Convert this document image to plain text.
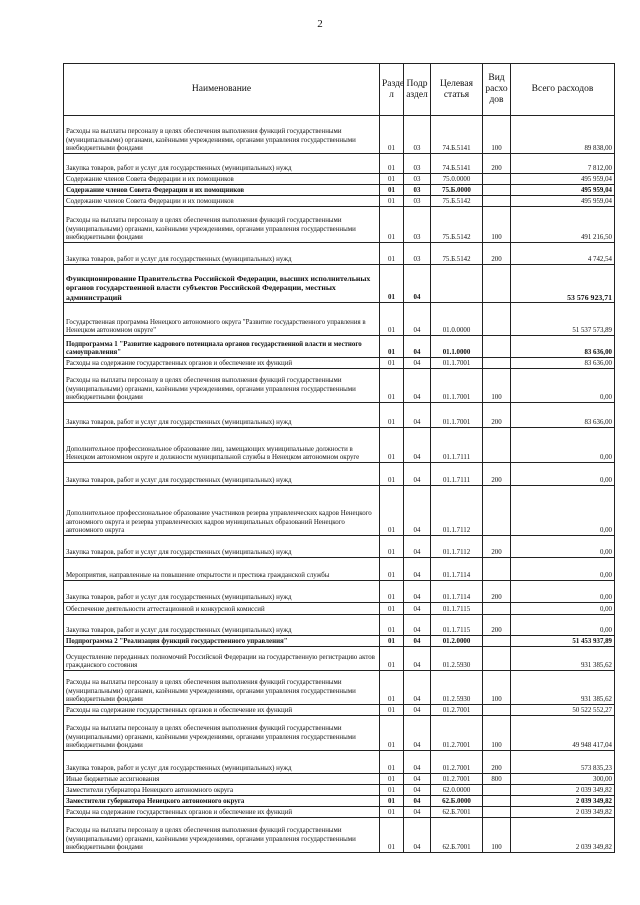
2
Наименование	Разде л	Подр аздел	Целевая статья	Вид расхо дов	Всего расходов
Расходы на выплаты персоналу в целях обеспечения выполнения функций государственными (муниципальными) органами, казёнными учреждениями, органами управления государственными внебюджетными фондами	01	03	74.Б.5141	100	89 838,00
Закупка товаров, работ и услуг для государственных (муниципальных) нужд	01	03	74.Б.5141	200	7 812,00
Содержание членов Совета Федерации и их помощников	01	03	75.0.0000		495 959,04
Содержание членов Совета Федерации и их помощников	01	03	75.Б.0000		495 959,04
Содержание членов Совета Федерации и их помощников	01	03	75.Б.5142		495 959,04
Расходы на выплаты персоналу в целях обеспечения выполнения функций государственными (муниципальными) органами, казёнными учреждениями, органами управления государственными внебюджетными фондами	01	03	75.Б.5142	100	491 216,50
Закупка товаров, работ и услуг для государственных (муниципальных) нужд	01	03	75.Б.5142	200	4 742,54
Функционирование Правительства Российской Федерации, высших исполнительных органов государственной власти субъектов Российской Федерации, местных администраций	01	04			53 576 923,71
Государственная программа Ненецкого автономного округа "Развитие государственного управления в Ненецком автономном округе"	01	04	01.0.0000		51 537 573,89
Подпрограмма 1 "Развитие кадрового потенциала органов государственной власти и местного самоуправления"	01	04	01.1.0000		83 636,00
Расходы на содержание государственных органов и обеспечение их функций	01	04	01.1.7001		83 636,00
Расходы на выплаты персоналу в целях обеспечения выполнения функций государственными (муниципальными) органами, казёнными учреждениями, органами управления государственными внебюджетными фондами	01	04	01.1.7001	100	0,00
Закупка товаров, работ и услуг для государственных (муниципальных) нужд	01	04	01.1.7001	200	83 636,00
Дополнительное профессиональное образование лиц, замещающих муниципальные должности в Ненецком автономном округе и должности муниципальной службы в Ненецком автономном округе	01	04	01.1.7111		0,00
Закупка товаров, работ и услуг для государственных (муниципальных) нужд	01	04	01.1.7111	200	0,00
Дополнительное профессиональное образование участников резерва управленческих кадров Ненецкого автономного округа и резерва управленческих кадров муниципальных образований Ненецкого автономного округа	01	04	01.1.7112		0,00
Закупка товаров, работ и услуг для государственных (муниципальных) нужд	01	04	01.1.7112	200	0,00
Мероприятия, направленные на повышение открытости и престижа гражданской службы	01	04	01.1.7114		0,00
Закупка товаров, работ и услуг для государственных (муниципальных) нужд	01	04	01.1.7114	200	0,00
Обеспечение деятельности аттестационной и конкурсной комиссий	01	04	01.1.7115		0,00
Закупка товаров, работ и услуг для государственных (муниципальных) нужд	01	04	01.1.7115	200	0,00
Подпрограмма 2 "Реализация функций государственного управления"	01	04	01.2.0000		51 453 937,89
Осуществление переданных полномочий Российской Федерации на государственную регистрацию актов гражданского состояния	01	04	01.2.5930		931 385,62
Расходы на выплаты персоналу в целях обеспечения выполнения функций государственными (муниципальными) органами, казёнными учреждениями, органами управления государственными внебюджетными фондами	01	04	01.2.5930	100	931 385,62
Расходы на содержание государственных органов и обеспечение их функций	01	04	01.2.7001		50 522 552,27
Расходы на выплаты персоналу в целях обеспечения выполнения функций государственными (муниципальными) органами, казёнными учреждениями, органами управления государственными внебюджетными фондами	01	04	01.2.7001	100	49 948 417,04
Закупка товаров, работ и услуг для государственных (муниципальных) нужд	01	04	01.2.7001	200	573 835,23
Иные бюджетные ассигнования	01	04	01.2.7001	800	300,00
Заместители губернатора Ненецкого автономного округа	01	04	62.0.0000		2 039 349,82
Заместители губернатора Ненецкого автономного округа	01	04	62.Б.0000		2 039 349,82
Расходы на содержание государственных органов и обеспечение их функций	01	04	62.Б.7001		2 039 349,82
Расходы на выплаты персоналу в целях обеспечения выполнения функций государственными (муниципальными) органами, казёнными учреждениями, органами управления государственными внебюджетными фондами	01	04	62.Б.7001	100	2 039 349,82
